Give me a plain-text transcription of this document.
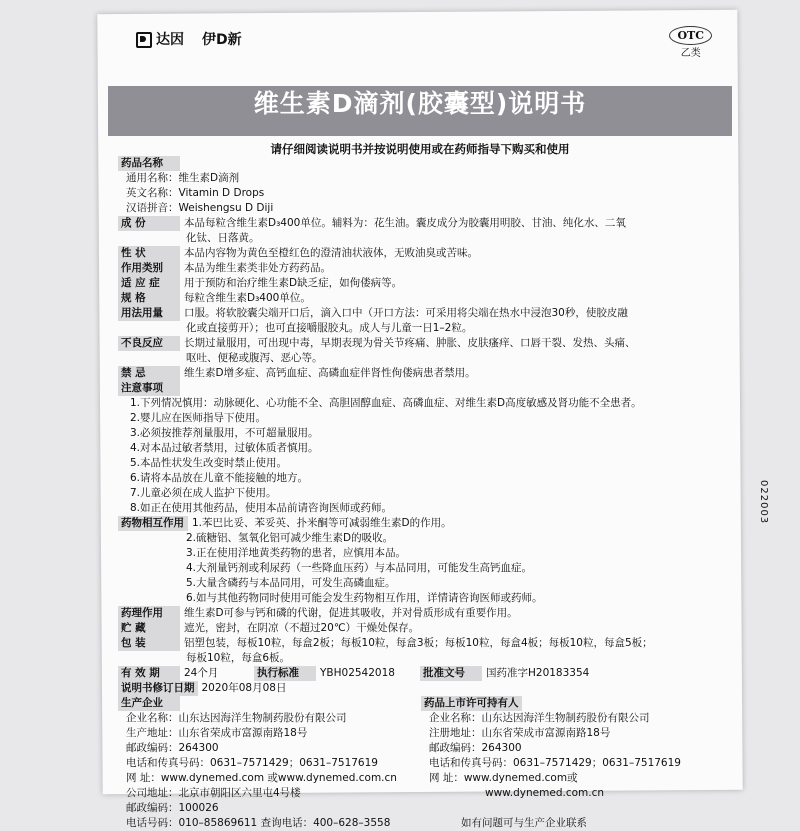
达因 伊D新	OTC
乙类
维生素D滴剂(胶囊型)说明书
请仔细阅读说明书并按说明使用或在药师指导下购买和使用
药品名称
通用名称：维生素D滴剂
英文名称：Vitamin D Drops
汉语拼音：Weishengsu D Diji
成 份	本品每粒含维生素D₃400单位。辅料为：花生油。囊皮成分为胶囊用明胶、甘油、纯化水、二氧
化钛、日落黄。
性 状	本品内容物为黄色至橙红色的澄清油状液体，无败油臭或苦味。
作用类别	本品为维生素类非处方药药品。
适 应 症	用于预防和治疗维生素D缺乏症，如佝偻病等。
规 格	每粒含维生素D₃400单位。
用法用量	口服。将软胶囊尖端开口后，滴入口中（开口方法：可采用将尖端在热水中浸泡30秒，使胶皮融
化或直接剪开）；也可直接嚼服胶丸。成人与儿童一日1–2粒。
不良反应	长期过量服用，可出现中毒，早期表现为骨关节疼痛、肿胀、皮肤瘙痒、口唇干裂、发热、头痛、
呕吐、便秘或腹泻、恶心等。
禁 忌	维生素D增多症、高钙血症、高磷血症伴肾性佝偻病患者禁用。
注意事项
1.下列情况慎用：动脉硬化、心功能不全、高胆固醇血症、高磷血症、对维生素D高度敏感及肾功能不全患者。
2.婴儿应在医师指导下使用。
3.必须按推荐剂量服用，不可超量服用。
4.对本品过敏者禁用，过敏体质者慎用。
5.本品性状发生改变时禁止使用。
6.请将本品放在儿童不能接触的地方。
7.儿童必须在成人监护下使用。
8.如正在使用其他药品，使用本品前请咨询医师或药师。
药物相互作用 1.苯巴比妥、苯妥英、扑米酮等可减弱维生素D的作用。
2.硫糖铝、氢氧化铝可减少维生素D的吸收。
3.正在使用洋地黄类药物的患者，应慎用本品。
4.大剂量钙剂或利尿药（一些降血压药）与本品同用，可能发生高钙血症。
5.大量含磷药与本品同用，可发生高磷血症。
6.如与其他药物同时使用可能会发生药物相互作用，详情请咨询医师或药师。
药理作用	维生素D可参与钙和磷的代谢，促进其吸收，并对骨质形成有重要作用。
贮 藏	遮光，密封，在阴凉（不超过20℃）干燥处保存。
包 装	铝塑包装，每板10粒，每盒2板；每板10粒，每盒3板；每板10粒，每盒4板；每板10粒，每盒5板；
每板10粒，每盒6板。
有 效 期	24个月	执行标准	YBH02542018	批准文号	国药准字H20183354
说明书修订日期 2020年08月08日
生产企业
企业名称：山东达因海洋生物制药股份有限公司
生产地址：山东省荣成市富源南路18号
邮政编码：264300
电话和传真号码：0631–7571429；0631–7517619
网 址：www.dynemed.com 或www.dynemed.com.cn
公司地址：北京市朝阳区六里屯4号楼
邮政编码：100026
电话号码：010–85869611 查询电话：400–628–3558
药品上市许可持有人
企业名称：山东达因海洋生物制药股份有限公司
注册地址：山东省荣成市富源南路18号
邮政编码：264300
电话和传真号码：0631–7571429；0631–7517619
网 址：www.dynemed.com或
www.dynemed.com.cn

如有问题可与生产企业联系
022003
